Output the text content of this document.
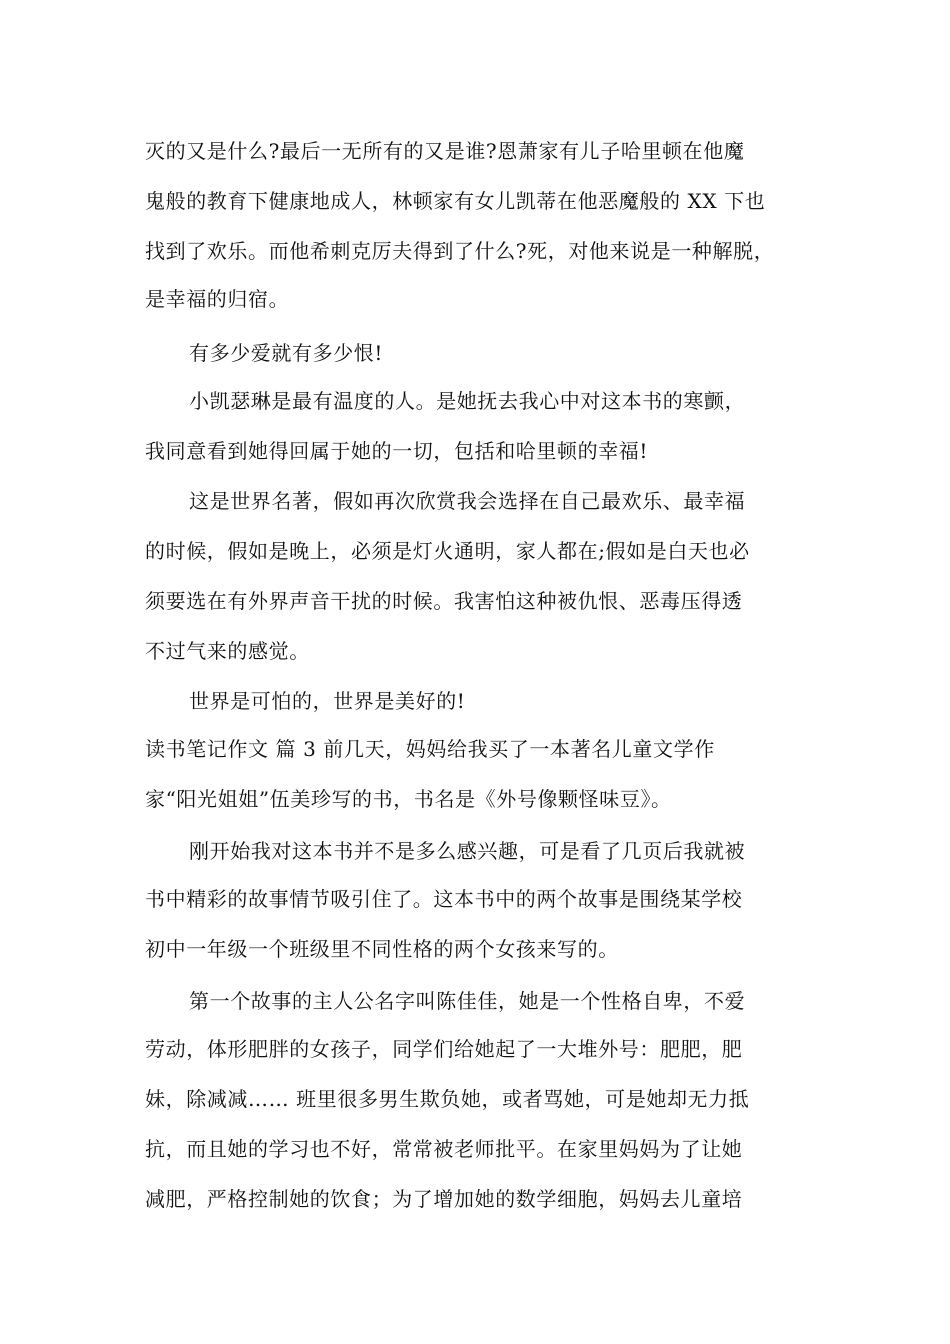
灭的又是什么?最后一无所有的又是谁?恩萧家有儿子哈里顿在他魔
鬼般的教育下健康地成人，林顿家有女儿凯蒂在他恶魔般的 XX 下也
找到了欢乐。而他希刺克厉夫得到了什么?死，对他来说是一种解脱，
是幸福的归宿。
有多少爱就有多少恨!
小凯瑟琳是最有温度的人。是她抚去我心中对这本书的寒颤，
我同意看到她得回属于她的一切，包括和哈里顿的幸福!
这是世界名著，假如再次欣赏我会选择在自己最欢乐、最幸福
的时候，假如是晚上，必须是灯火通明，家人都在;假如是白天也必
须要选在有外界声音干扰的时候。我害怕这种被仇恨、恶毒压得透
不过气来的感觉。
世界是可怕的，世界是美好的!
读书笔记作文 篇 3 前几天，妈妈给我买了一本著名儿童文学作
家“阳光姐姐”伍美珍写的书，书名是《外号像颗怪味豆》。
刚开始我对这本书并不是多么感兴趣，可是看了几页后我就被
书中精彩的故事情节吸引住了。这本书中的两个故事是围绕某学校
初中一年级一个班级里不同性格的两个女孩来写的。
第一个故事的主人公名字叫陈佳佳，她是一个性格自卑，不爱
劳动，体形肥胖的女孩子，同学们给她起了一大堆外号：肥肥，肥
妹，除减减…… 班里很多男生欺负她，或者骂她，可是她却无力抵
抗，而且她的学习也不好，常常被老师批平。在家里妈妈为了让她
减肥，严格控制她的饮食；为了增加她的数学细胞，妈妈去儿童培
